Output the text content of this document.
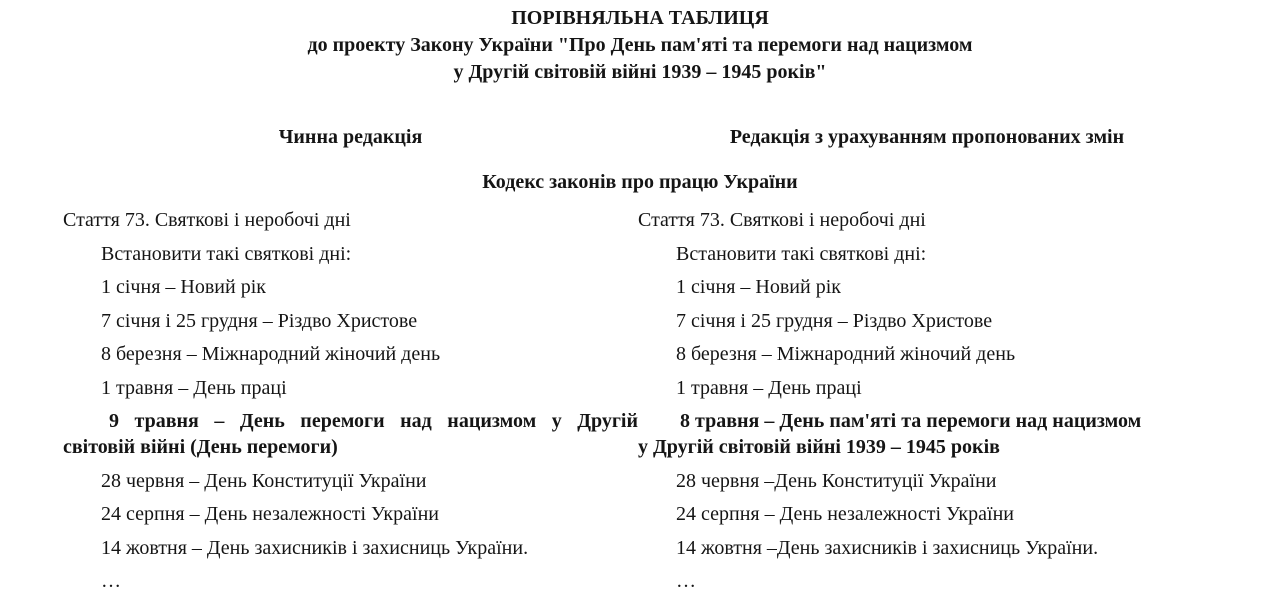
ПОРІВНЯЛЬНА ТАБЛИЦЯ
до проекту Закону України "Про День пам'яті та перемоги над нацизмом
у Другій світовій війні 1939 – 1945 років"
Чинна редакція	Редакція з урахуванням пропонованих змін
Кодекс законів про працю України

Стаття 73. Святкові і неробочі дні

Встановити такі святкові дні:

1 січня – Новий рік

7 січня і 25 грудня – Різдво Христове

8 березня – Міжнародний жіночий день

1 травня – День праці

9 травня – День перемоги над нацизмом у Другій

світовій війні (День перемоги)

28 червня – День Конституції України

24 серпня – День незалежності України

14 жовтня – День захисників і захисниць України.

…

Стаття 73. Святкові і неробочі дні

Встановити такі святкові дні:

1 січня – Новий рік

7 січня і 25 грудня – Різдво Христове

8 березня – Міжнародний жіночий день

1 травня – День праці

8 травня – День пам'яті та перемоги над нацизмом

у Другій світовій війні 1939 – 1945 років

28 червня –День Конституції України

24 серпня – День незалежності України

14 жовтня –День захисників і захисниць України.

…
